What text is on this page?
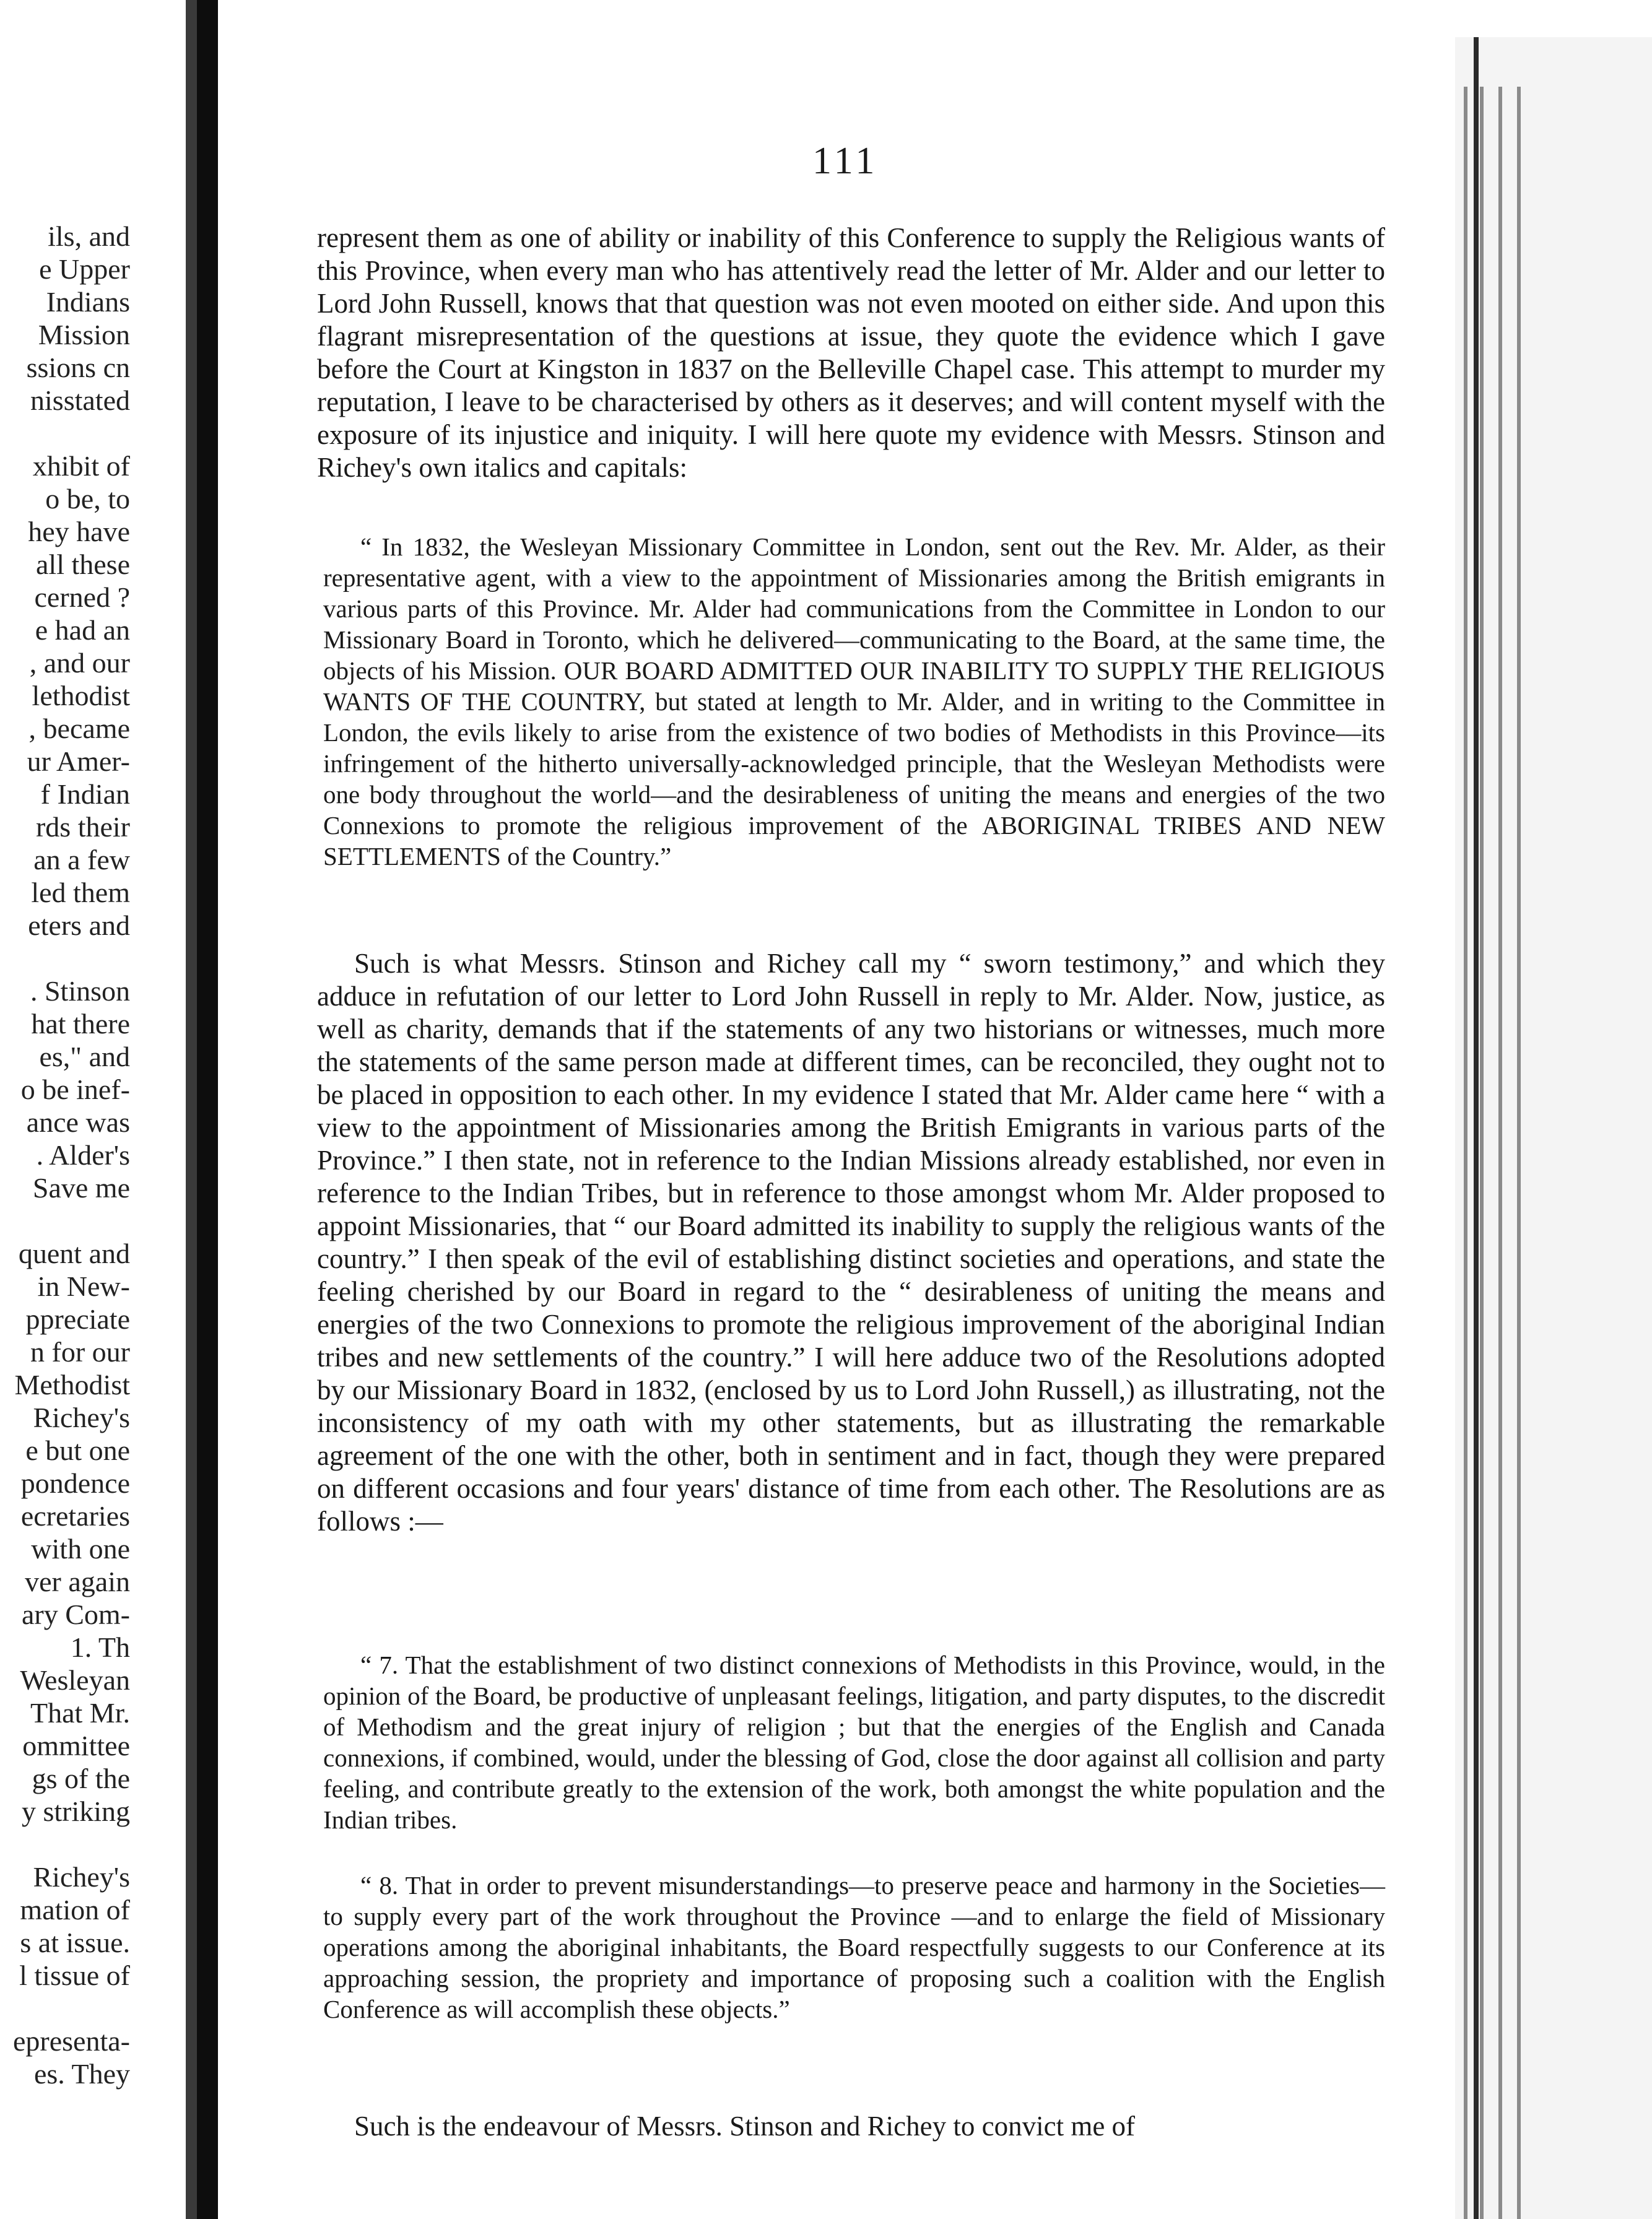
ils, and
e Upper
Indians
Mission
ssions cn
nisstated
xhibit of
o be, to
hey have
all these
cerned ?
e had an
, and our
lethodist
, became
ur Amer-
f Indian
rds their
an a few
led them
eters and
. Stinson
hat there
es," and
o be inef-
ance was
. Alder's
Save me
quent and
in New-
ppreciate
n for our
Methodist
Richey's
e but one
pondence
ecretaries
with one
ver again
ary Com-
1. Th
Wesleyan
That Mr.
ommittee
gs of the
y striking
Richey's
mation of
s at issue.
l tissue of
epresenta-
es. They
111

represent them as one of ability or inability of this Conference to supply the Religious wants of this Province, when every man who has attentively read the letter of Mr. Alder and our letter to Lord John Russell, knows that that question was not even mooted on either side. And upon this flagrant misrepresentation of the questions at issue, they quote the evidence which I gave before the Court at Kingston in 1837 on the Belleville Chapel case. This attempt to murder my reputation, I leave to be characterised by others as it deserves; and will content myself with the exposure of its injustice and iniquity. I will here quote my evidence with Messrs. Stinson and Richey's own italics and capitals:

“ In 1832, the Wesleyan Missionary Committee in London, sent out the Rev. Mr. Alder, as their representative agent, with a view to the appointment of Missionaries among the British emigrants in various parts of this Province. Mr. Alder had communications from the Committee in London to our Missionary Board in Toronto, which he delivered—communicating to the Board, at the same time, the objects of his Mission. OUR BOARD ADMITTED OUR INABILITY TO SUPPLY THE RELIGIOUS WANTS OF THE COUNTRY, but stated at length to Mr. Alder, and in writing to the Committee in London, the evils likely to arise from the existence of two bodies of Methodists in this Province—its infringement of the hitherto universally-acknowledged principle, that the Wesleyan Methodists were one body throughout the world—and the desirableness of uniting the means and energies of the two Connexions to promote the religious improvement of the ABORIGINAL TRIBES AND NEW SETTLEMENTS of the Country.”

Such is what Messrs. Stinson and Richey call my “ sworn testimony,” and which they adduce in refutation of our letter to Lord John Russell in reply to Mr. Alder. Now, justice, as well as charity, demands that if the statements of any two historians or witnesses, much more the statements of the same person made at different times, can be reconciled, they ought not to be placed in opposition to each other. In my evidence I stated that Mr. Alder came here “ with a view to the appointment of Missionaries among the British Emigrants in various parts of the Province.” I then state, not in reference to the Indian Missions already established, nor even in reference to the Indian Tribes, but in reference to those amongst whom Mr. Alder proposed to appoint Missionaries, that “ our Board admitted its inability to supply the religious wants of the country.” I then speak of the evil of establishing distinct societies and operations, and state the feeling cherished by our Board in regard to the “ desirableness of uniting the means and energies of the two Connexions to promote the religious improvement of the aboriginal Indian tribes and new settlements of the country.” I will here adduce two of the Resolutions adopted by our Missionary Board in 1832, (enclosed by us to Lord John Russell,) as illustrating, not the inconsistency of my oath with my other statements, but as illustrating the remarkable agreement of the one with the other, both in sentiment and in fact, though they were prepared on different occasions and four years' distance of time from each other. The Resolutions are as follows :—

“ 7. That the establishment of two distinct connexions of Methodists in this Province, would, in the opinion of the Board, be productive of unpleasant feelings, litigation, and party disputes, to the discredit of Methodism and the great injury of religion ; but that the energies of the English and Canada connexions, if combined, would, under the blessing of God, close the door against all collision and party feeling, and contribute greatly to the extension of the work, both amongst the white population and the Indian tribes.

“ 8. That in order to prevent misunderstandings—to preserve peace and harmony in the Societies—to supply every part of the work throughout the Province —and to enlarge the field of Missionary operations among the aboriginal inhabitants, the Board respectfully suggests to our Conference at its approaching session, the propriety and importance of proposing such a coalition with the English Conference as will accomplish these objects.”

Such is the endeavour of Messrs. Stinson and Richey to convict me of
